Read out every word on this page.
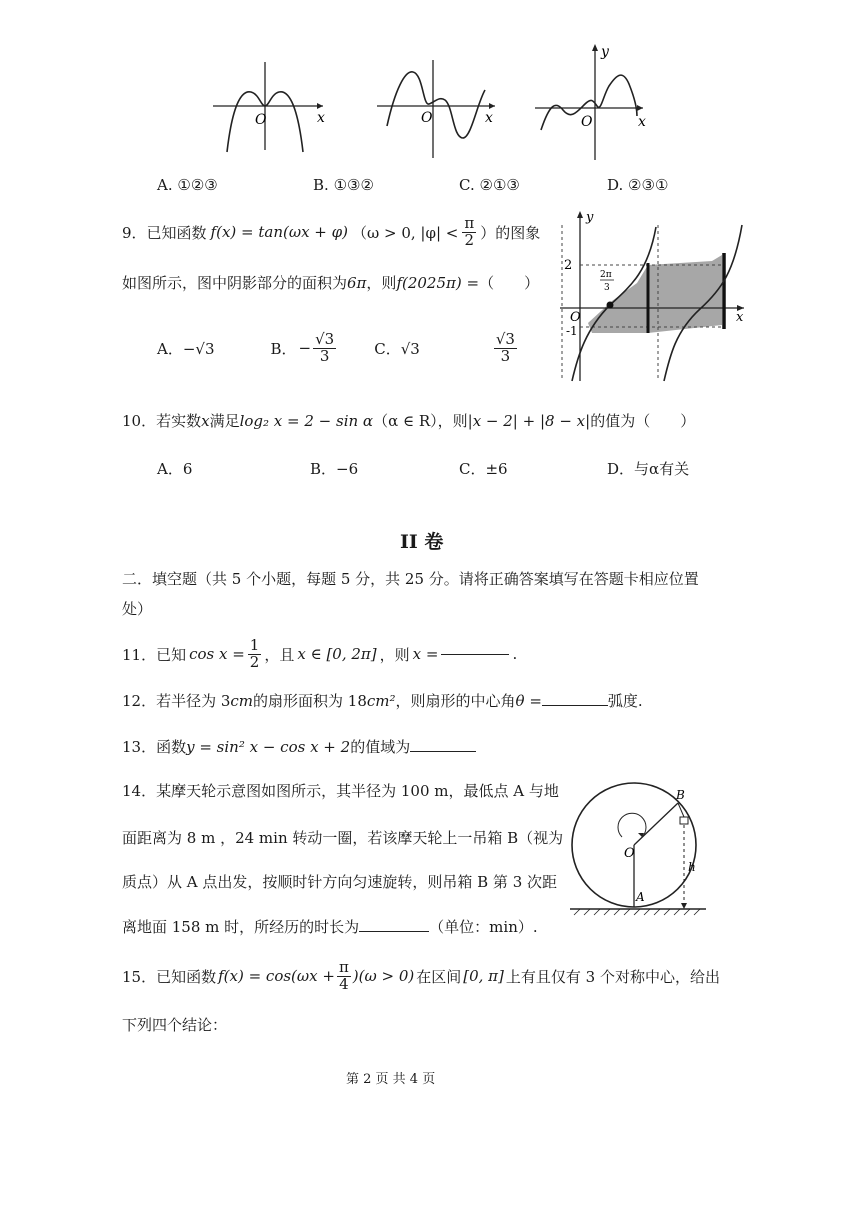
O	x	O	x	O	x
y
A. ①②③	B. ①③②	C. ②①③	D. ②③①
9．已知函数 f(x) = tan(ωx + φ) （ω > 0, $|\varphi| < \frac{\pi}{2}$ ）的图象
如图所示，图中阴影部分的面积为6π，则f(2025π) =（　　）
A．−√3	B． − $\frac{√3}{3}$	C．√3	$\frac{√3}{3}$
2
-1
O	x
y
2π
3
10．若实数x满足log₂ x = 2 − sin α（α ∈ R），则|x − 2| + |8 − x|的值为（　　）
A．6	B．−6	C．±6	D．与α有关
II 卷
二．填空题（共 5 个小题，每题 5 分，共 25 分。请将正确答案填写在答题卡相应位置
处）
11．已知 $\cos x = \frac{1}{2}$ ，且 x ∈ [0, 2π] ，则 x =	.
12．若半径为 3cm的扇形面积为 18cm²，则扇形的中心角θ =	弧度.
13．函数y = sin² x − cos x + 2的值域为
14．某摩天轮示意图如图所示，其半径为 100 m，最低点 A 与地
面距离为 8 m ，24 min 转动一圈，若该摩天轮上一吊箱 B（视为
质点）从 A 点出发，按顺时针方向匀速旋转，则吊箱 B 第 3 次距
离地面 158 m 时，所经历的时长为	（单位：min）.
O
A
B
h
15．已知函数 $f(x) = \cos(\omega x + \frac{\pi}{4} )(\omega > 0)$ 在区间 [0, π] 上有且仅有 3 个对称中心，给出
下列四个结论：
第 2 页 共 4 页
